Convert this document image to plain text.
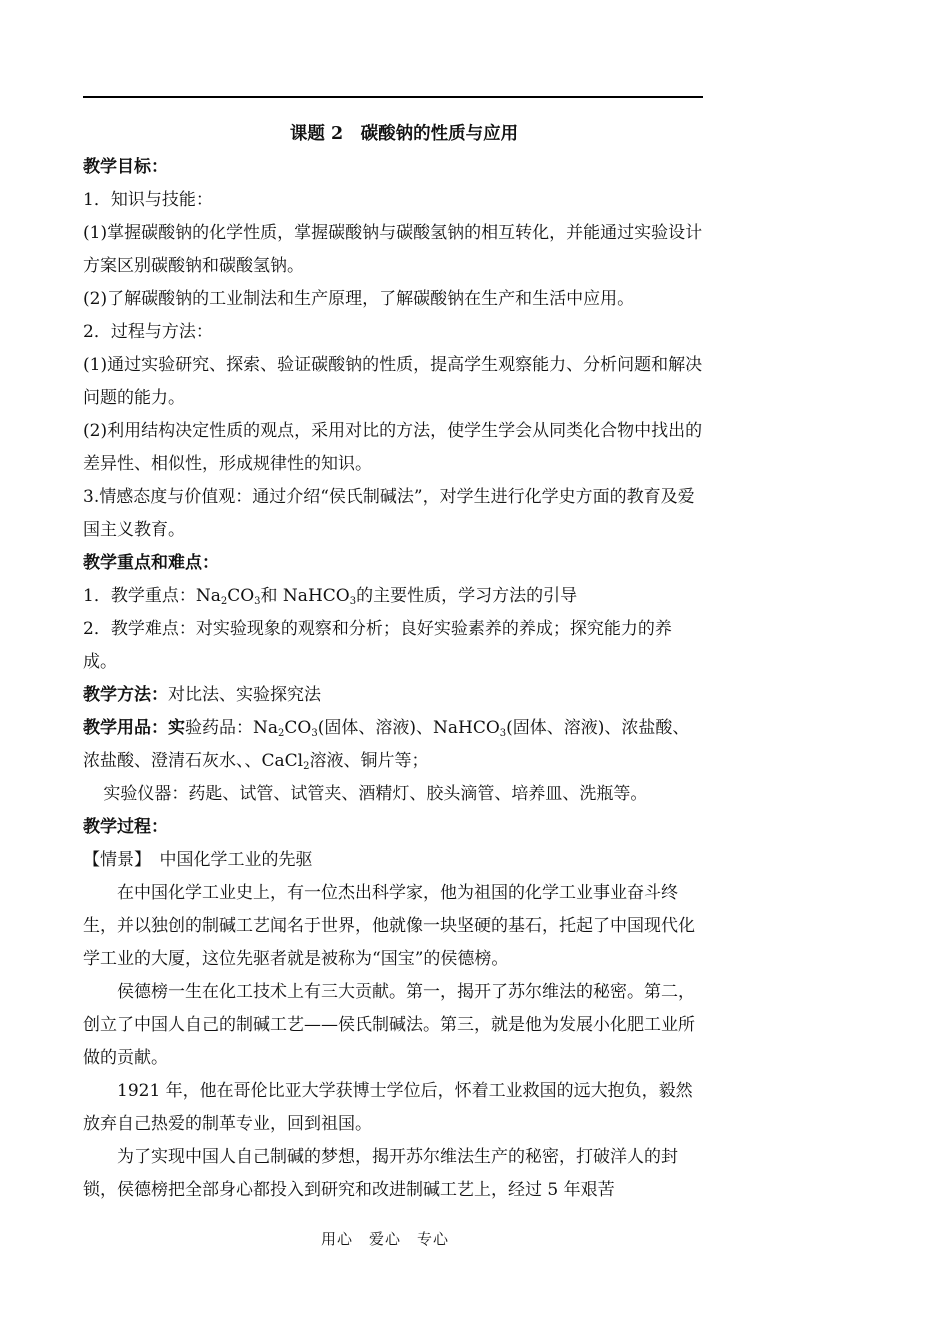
课题 2　碳酸钠的性质与应用

教学目标：

1．知识与技能：

(1)掌握碳酸钠的化学性质，掌握碳酸钠与碳酸氢钠的相互转化，并能通过实验设计方案区别碳酸钠和碳酸氢钠。

(2)了解碳酸钠的工业制法和生产原理，了解碳酸钠在生产和生活中应用。

2．过程与方法：

(1)通过实验研究、探索、验证碳酸钠的性质，提高学生观察能力、分析问题和解决问题的能力。

(2)利用结构决定性质的观点，采用对比的方法，使学生学会从同类化合物中找出的差异性、相似性，形成规律性的知识。

3.情感态度与价值观：通过介绍“侯氏制碱法”，对学生进行化学史方面的教育及爱国主义教育。

教学重点和难点：

1．教学重点：$Na_2CO_3$和 NaHCO$_3$的主要性质，学习方法的引导

2．教学难点：对实验现象的观察和分析；良好实验素养的养成；探究能力的养成。

教学方法：对比法、实验探究法

教学用品：实验药品：$Na_2CO_3$(固体、溶液)、NaHCO$_3$(固体、溶液)、浓盐酸、浓盐酸、澄清石灰水、、CaCl$_2$溶液、铜片等；

实验仪器：药匙、试管、试管夹、酒精灯、胶头滴管、培养皿、洗瓶等。

教学过程：

【情景】　中国化学工业的先驱

在中国化学工业史上，有一位杰出科学家，他为祖国的化学工业事业奋斗终生，并以独创的制碱工艺闻名于世界，他就像一块坚硬的基石，托起了中国现代化学工业的大厦，这位先驱者就是被称为“国宝”的侯德榜。

侯德榜一生在化工技术上有三大贡献。第一，揭开了苏尔维法的秘密。第二，创立了中国人自己的制碱工艺——侯氏制碱法。第三，就是他为发展小化肥工业所做的贡献。

1921 年，他在哥伦比亚大学获博士学位后，怀着工业救国的远大抱负，毅然放弃自己热爱的制革专业，回到祖国。

为了实现中国人自己制碱的梦想，揭开苏尔维法生产的秘密，打破洋人的封锁，侯德榜把全部身心都投入到研究和改进制碱工艺上，经过 5 年艰苦

用心　爱心　专心
